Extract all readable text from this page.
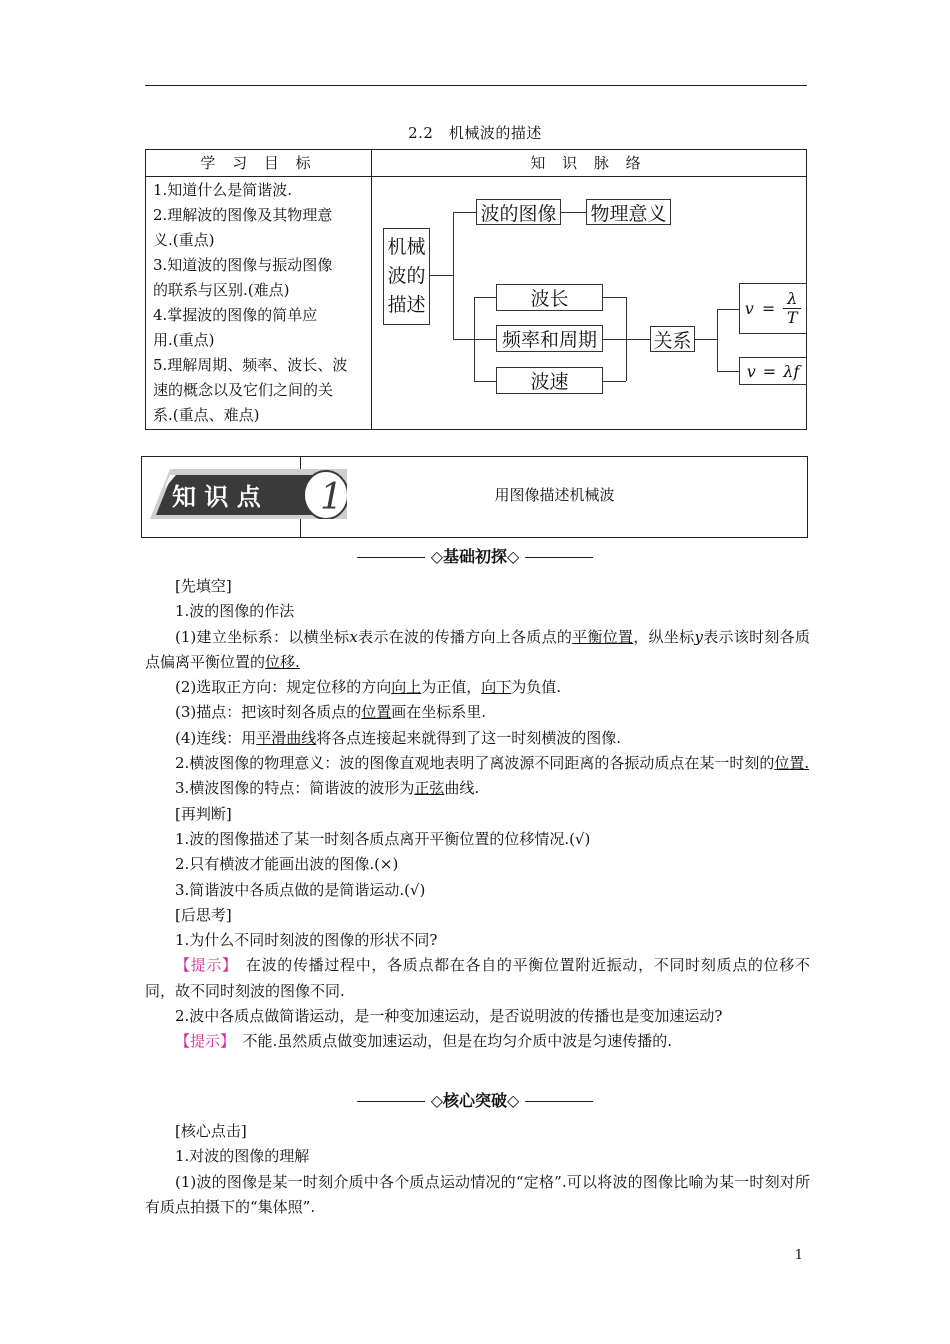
2.2　机械波的描述
学 习 目 标	知 识 脉 络
1.知道什么是简谐波.
2.理解波的图像及其物理意
义.(重点)
3.知道波的图像与振动图像
的联系与区别.(难点)
4.掌握波的图像的简单应
用.(重点)
5.理解周期、频率、波长、波
速的概念以及它们之间的关
系.(重点、难点)
机械
波的
描述
波的图像 物理意义
波长
频率和周期
波速
关系
v =
λ
T
v = λf
知 识 点 1	用图像描述机械波
◇基础初探◇

[先填空]

1.波的图像的作法

(1)建立坐标系：以横坐标x表示在波的传播方向上各质点的平衡位置，纵坐标y表示该时刻各质点偏离平衡位置的位移.

(2)选取正方向：规定位移的方向向上为正值，向下为负值.

(3)描点：把该时刻各质点的位置画在坐标系里.

(4)连线：用平滑曲线将各点连接起来就得到了这一时刻横波的图像.

2.横波图像的物理意义：波的图像直观地表明了离波源不同距离的各振动质点在某一时刻的位置.

3.横波图像的特点：简谐波的波形为正弦曲线.

[再判断]

1.波的图像描述了某一时刻各质点离开平衡位置的位移情况.(√)

2.只有横波才能画出波的图像.(×)

3.简谐波中各质点做的是简谐运动.(√)

[后思考]

1.为什么不同时刻波的图像的形状不同?

【提示】　在波的传播过程中，各质点都在各自的平衡位置附近振动，不同时刻质点的位移不同，故不同时刻波的图像不同.

2.波中各质点做简谐运动，是一种变加速运动，是否说明波的传播也是变加速运动?

【提示】　不能.虽然质点做变加速运动，但是在均匀介质中波是匀速传播的.

◇核心突破◇

[核心点击]

1.对波的图像的理解

(1)波的图像是某一时刻介质中各个质点运动情况的“定格”.可以将波的图像比喻为某一时刻对所有质点拍摄下的“集体照”.

1
